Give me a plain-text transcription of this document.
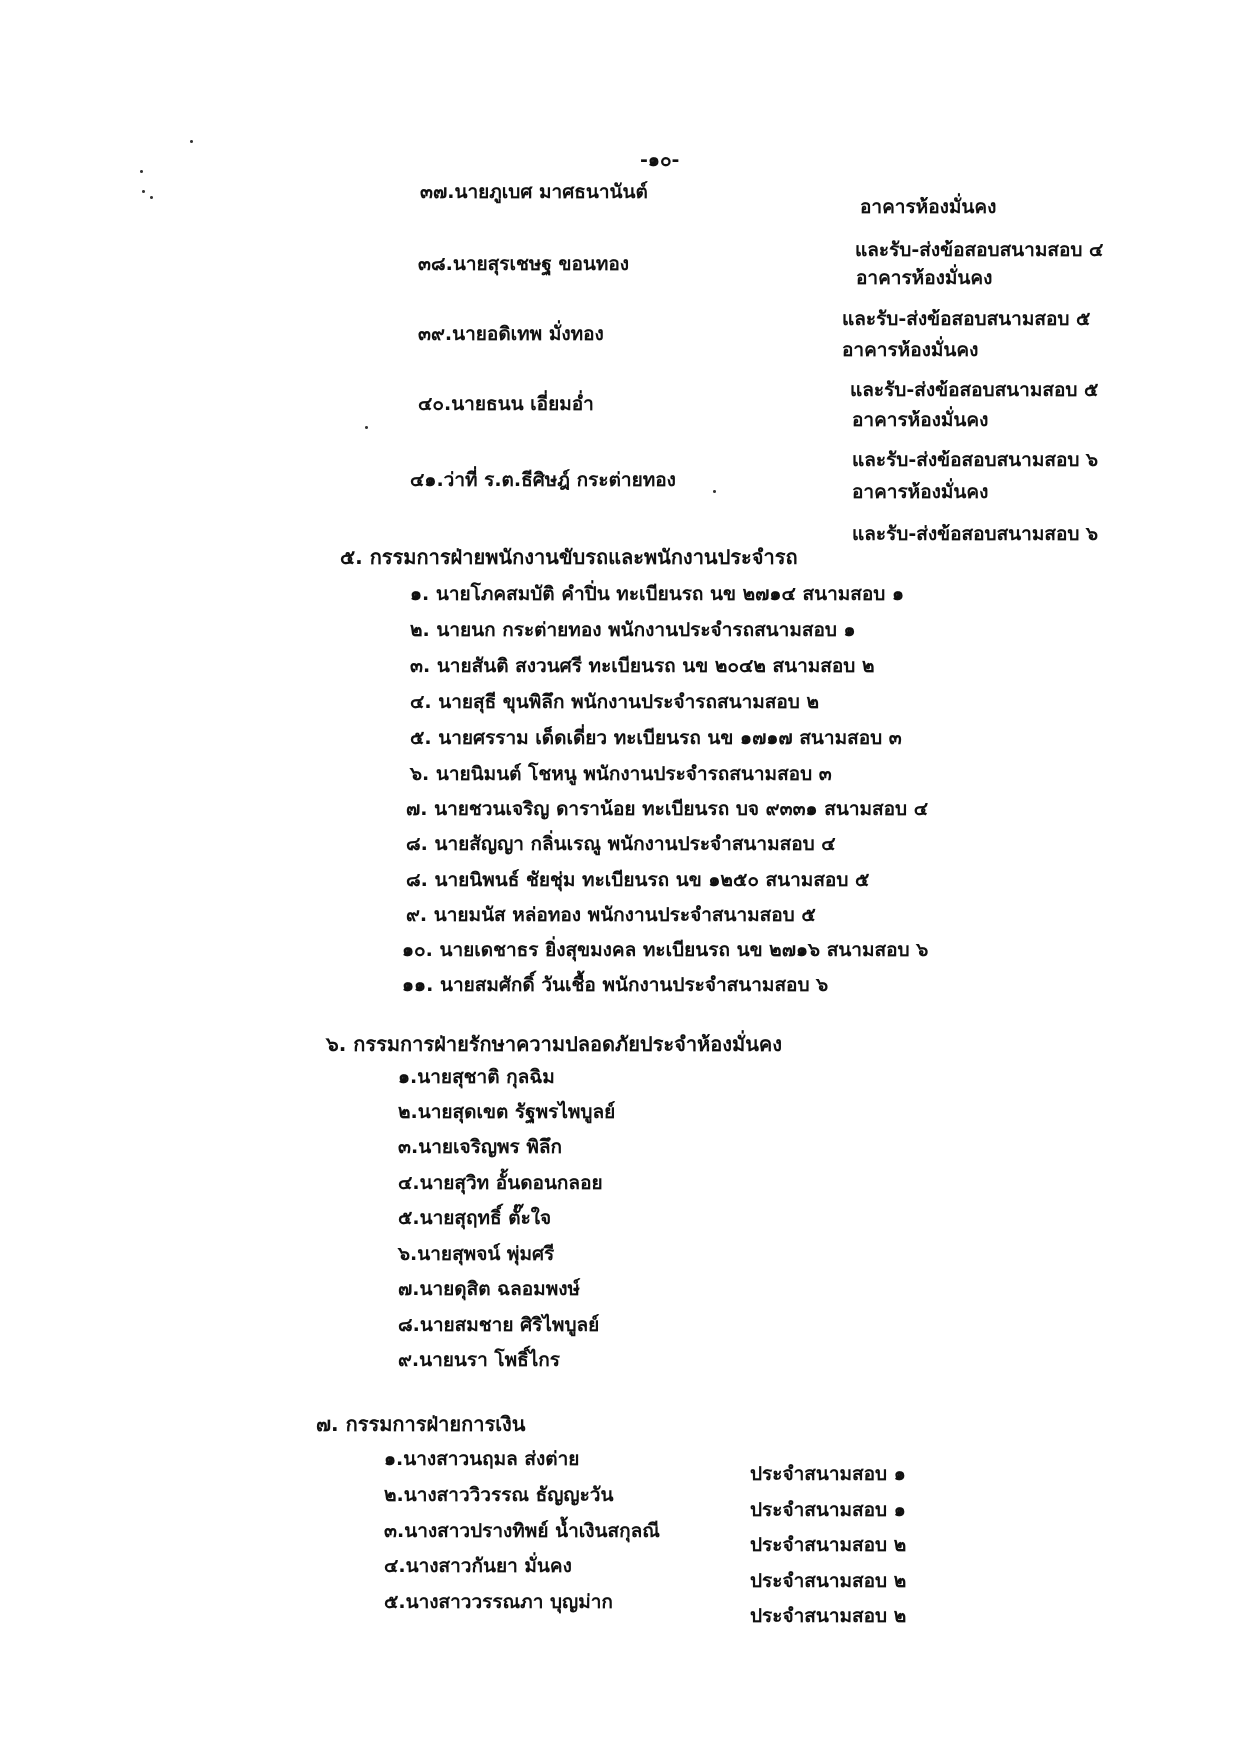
-๑๐-
๓๗.นายภูเบศ มาศธนานันต์
อาคารห้องมั่นคง
และรับ-ส่งข้อสอบสนามสอบ ๔
๓๘.นายสุรเชษฐ ขอนทอง
อาคารห้องมั่นคง
และรับ-ส่งข้อสอบสนามสอบ ๕
๓๙.นายอดิเทพ มั่งทอง
อาคารห้องมั่นคง
และรับ-ส่งข้อสอบสนามสอบ ๕
๔๐.นายธนน เอี่ยมอ่ำ
อาคารห้องมั่นคง
และรับ-ส่งข้อสอบสนามสอบ ๖
๔๑.ว่าที่ ร.ต.ธีศิษฎ์ กระต่ายทอง
อาคารห้องมั่นคง
และรับ-ส่งข้อสอบสนามสอบ ๖
๕. กรรมการฝ่ายพนักงานขับรถและพนักงานประจำรถ
๑. นายโภคสมบัติ คำปิ่น ทะเบียนรถ นข ๒๗๑๔ สนามสอบ ๑
๒. นายนก กระต่ายทอง พนักงานประจำรถสนามสอบ ๑
๓. นายสันติ สงวนศรี ทะเบียนรถ นข ๒๐๔๒ สนามสอบ ๒
๔. นายสุธี ขุนพิลึก พนักงานประจำรถสนามสอบ ๒
๕. นายศรราม เด็ดเดี่ยว ทะเบียนรถ นข ๑๗๑๗ สนามสอบ ๓
๖. นายนิมนต์ โชหนู พนักงานประจำรถสนามสอบ ๓
๗. นายชวนเจริญ ดาราน้อย ทะเบียนรถ บจ ๙๓๓๑ สนามสอบ ๔
๘. นายสัญญา กลิ่นเรณู พนักงานประจำสนามสอบ ๔
๘. นายนิพนธ์ ชัยชุ่ม ทะเบียนรถ นข ๑๒๕๐ สนามสอบ ๕
๙. นายมนัส หล่อทอง พนักงานประจำสนามสอบ ๕
๑๐. นายเดชาธร ยิ่งสุขมงคล ทะเบียนรถ นข ๒๗๑๖ สนามสอบ ๖
๑๑. นายสมศักดิ์ วันเชื้อ พนักงานประจำสนามสอบ ๖
๖. กรรมการฝ่ายรักษาความปลอดภัยประจำห้องมั่นคง
๑.นายสุชาติ กุลฉิม
๒.นายสุดเขต รัฐพรไพบูลย์
๓.นายเจริญพร พิลึก
๔.นายสุวิท อั้นดอนกลอย
๕.นายสุฤทธิ์ ตั๊ะใจ
๖.นายสุพจน์ พุ่มศรี
๗.นายดุสิต ฉลอมพงษ์
๘.นายสมชาย ศิริไพบูลย์
๙.นายนรา โพธิ์ไกร
๗. กรรมการฝ่ายการเงิน
๑.นางสาวนฤมล ส่งต่าย
ประจำสนามสอบ ๑
๒.นางสาววิวรรณ ธัญญะวัน
ประจำสนามสอบ ๑
๓.นางสาวปรางทิพย์ น้ำเงินสกุลณี
ประจำสนามสอบ ๒
๔.นางสาวกันยา มั่นคง
ประจำสนามสอบ ๒
๕.นางสาววรรณภา บุญม่าก
ประจำสนามสอบ ๒
